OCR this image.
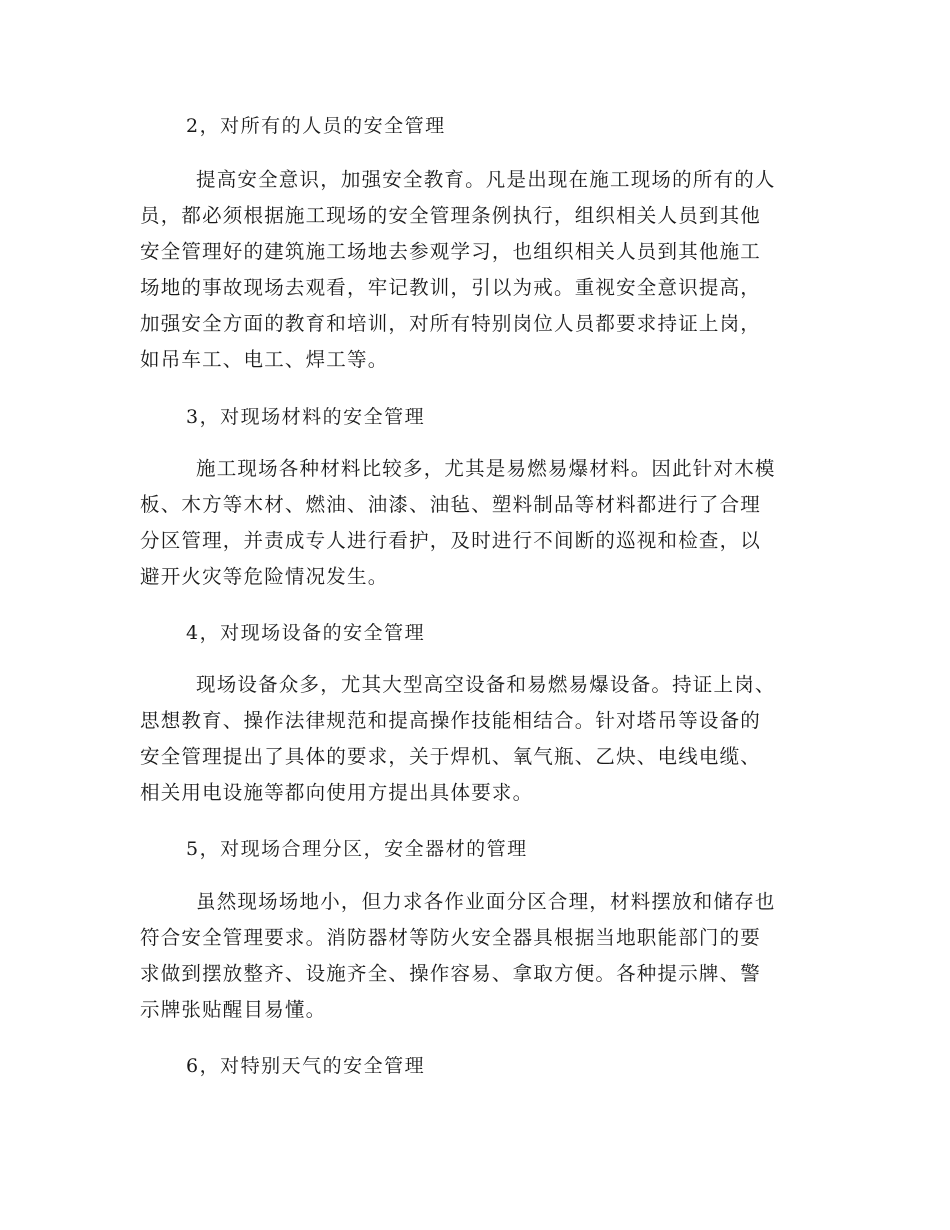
2，对所有的人员的安全管理
提高安全意识，加强安全教育。凡是出现在施工现场的所有的人
员，都必须根据施工现场的安全管理条例执行，组织相关人员到其他
安全管理好的建筑施工场地去参观学习，也组织相关人员到其他施工
场地的事故现场去观看，牢记教训，引以为戒。重视安全意识提高，
加强安全方面的教育和培训，对所有特别岗位人员都要求持证上岗，
如吊车工、电工、焊工等。
3，对现场材料的安全管理
施工现场各种材料比较多，尤其是易燃易爆材料。因此针对木模
板、木方等木材、燃油、油漆、油毡、塑料制品等材料都进行了合理
分区管理，并责成专人进行看护，及时进行不间断的巡视和检查，以
避开火灾等危险情况发生。
4，对现场设备的安全管理
现场设备众多，尤其大型高空设备和易燃易爆设备。持证上岗、
思想教育、操作法律规范和提高操作技能相结合。针对塔吊等设备的
安全管理提出了具体的要求，关于焊机、氧气瓶、乙炔、电线电缆、
相关用电设施等都向使用方提出具体要求。
5，对现场合理分区，安全器材的管理
虽然现场场地小，但力求各作业面分区合理，材料摆放和储存也
符合安全管理要求。消防器材等防火安全器具根据当地职能部门的要
求做到摆放整齐、设施齐全、操作容易、拿取方便。各种提示牌、警
示牌张贴醒目易懂。
6，对特别天气的安全管理
